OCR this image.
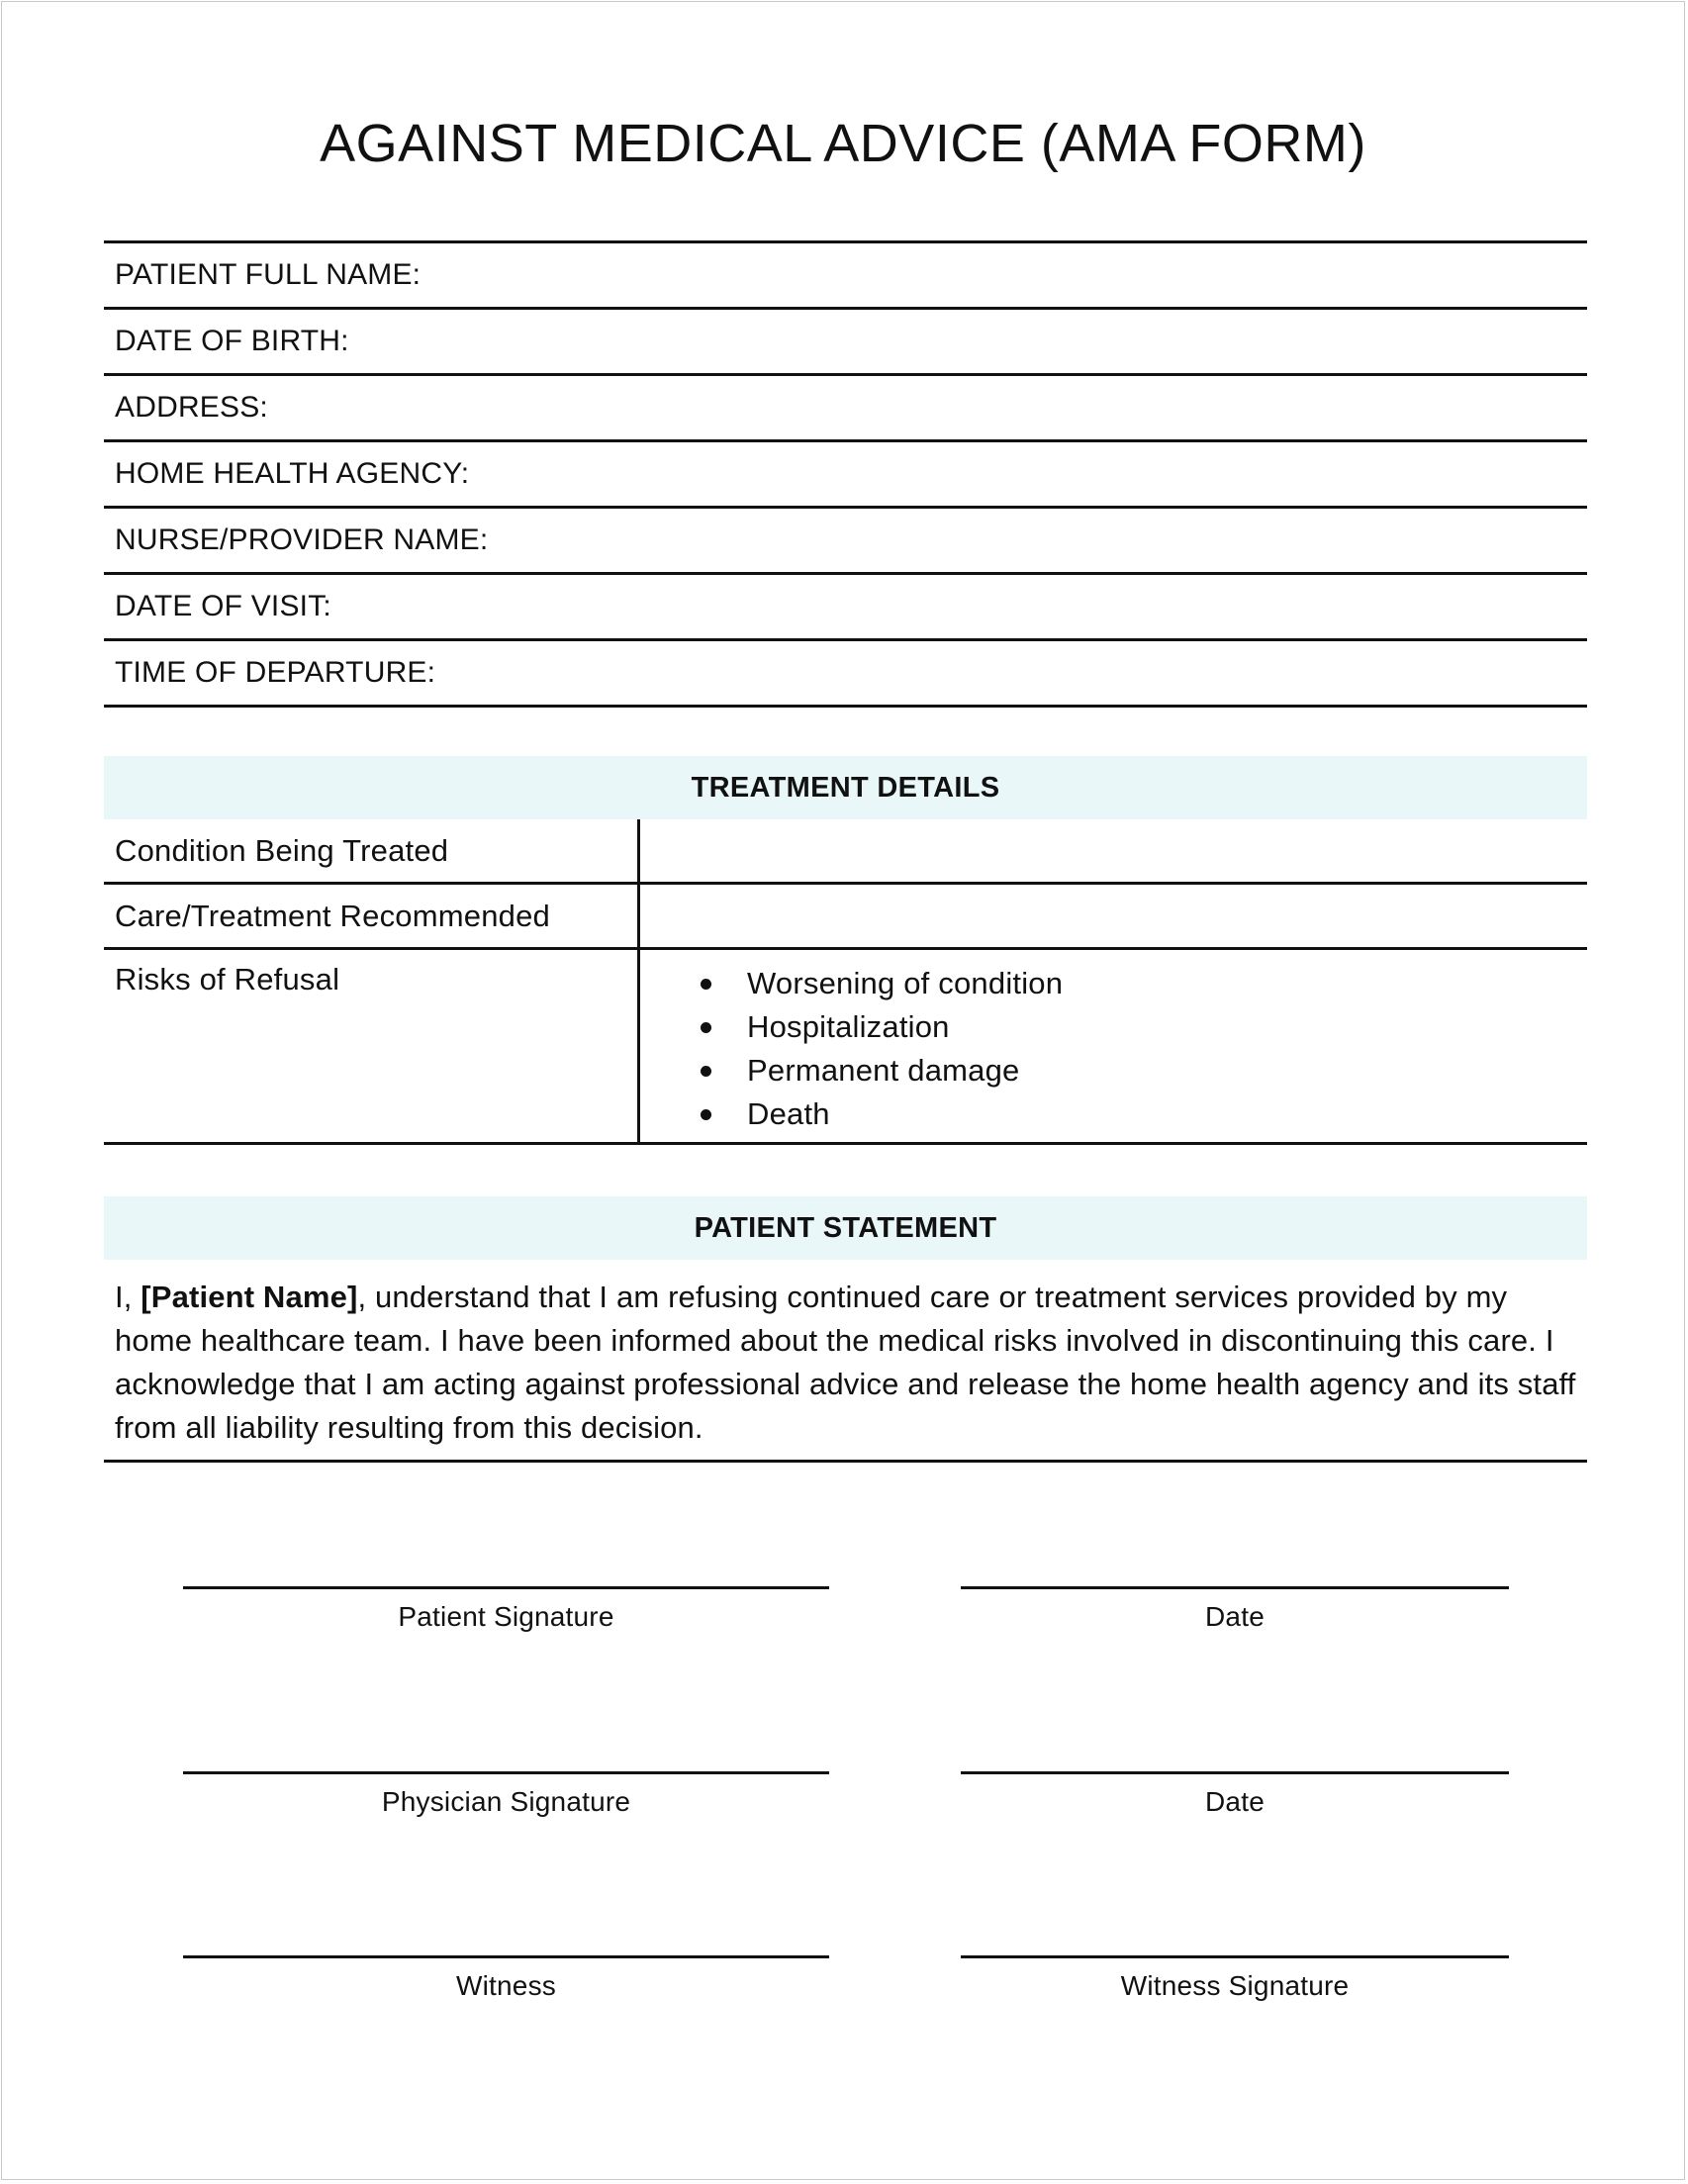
AGAINST MEDICAL ADVICE (AMA FORM)
PATIENT FULL NAME:
DATE OF BIRTH:
ADDRESS:
HOME HEALTH AGENCY:
NURSE/PROVIDER NAME:
DATE OF VISIT:
TIME OF DEPARTURE:
TREATMENT DETAILS
Condition Being Treated
Care/Treatment Recommended
Risks of Refusal	Worsening of condition
Hospitalization
Permanent damage
Death
PATIENT STATEMENT
I, [Patient Name], understand that I am refusing continued care or treatment services provided by my home healthcare team. I have been informed about the medical risks involved in discontinuing this care. I acknowledge that I am acting against professional advice and release the home health agency and its staff from all liability resulting from this decision.
Patient Signature	Date
Physician Signature	Date
Witness	Witness Signature
